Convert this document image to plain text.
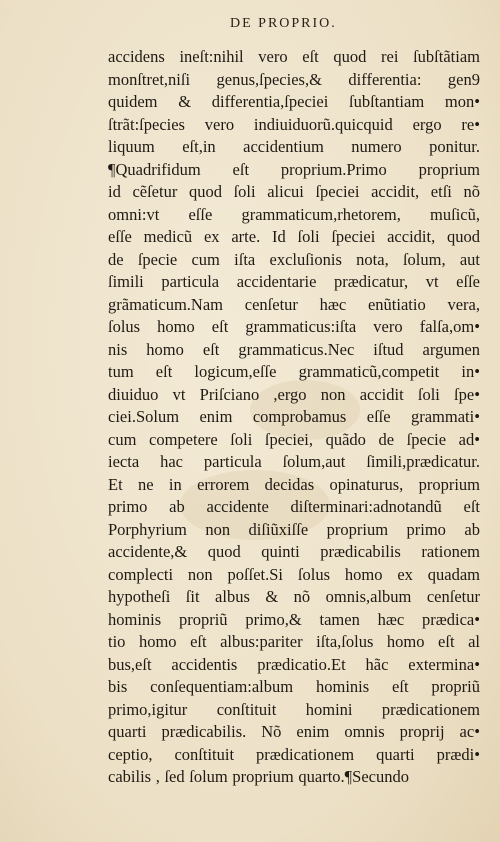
DE PROPRIO.
accidens ineſt:nihil vero eſt quod rei ſubſtãtiam
monſtret,niſi genus,ſpecies,& differentia: gen9
quidem & differentia,ſpeciei ſubſtantiam mon•
ſtrãt:ſpecies vero indiuiduorũ.quicquid ergo re•
liquum eſt,in accidentium numero ponitur.
¶Quadrifidum eſt proprium.Primo proprium
id cẽſetur quod ſoli alicui ſpeciei accidit, etſi nõ
omni:vt eſſe grammaticum,rhetorem, muſicũ,
eſſe medicũ ex arte. Id ſoli ſpeciei accidit, quod
de ſpecie cum iſta excluſionis nota, ſolum, aut
ſimili particula accidentarie prædicatur, vt eſſe
grãmaticum.Nam cenſetur hæc enũtiatio vera,
ſolus homo eſt grammaticus:iſta vero falſa,om•
nis homo eſt grammaticus.Nec iſtud argumen
tum eſt logicum,eſſe grammaticũ,competit in•
diuiduo vt Priſciano ,ergo non accidit ſoli ſpe•
ciei.Solum enim comprobamus eſſe grammati•
cum competere ſoli ſpeciei, quãdo de ſpecie ad•
iecta hac particula ſolum,aut ſimili,prædicatur.
Et ne in errorem decidas opinaturus, proprium
primo ab accidente diſterminari:adnotandũ eſt
Porphyrium non diſiũxiſſe proprium primo ab
accidente,& quod quinti prædicabilis rationem
complecti non poſſet.Si ſolus homo ex quadam
hypotheſi ſit albus & nõ omnis,album cenſetur
hominis propriũ primo,& tamen hæc prædica•
tio homo eſt albus:pariter iſta,ſolus homo eſt al
bus,eſt accidentis prædicatio.Et hãc extermina•
bis conſequentiam:album hominis eſt propriũ
primo,igitur conſtituit homini prædicationem
quarti prædicabilis. Nõ enim omnis proprij ac•
ceptio, conſtituit prædicationem quarti prædi•
cabilis , ſed ſolum proprium quarto.¶Secundo
